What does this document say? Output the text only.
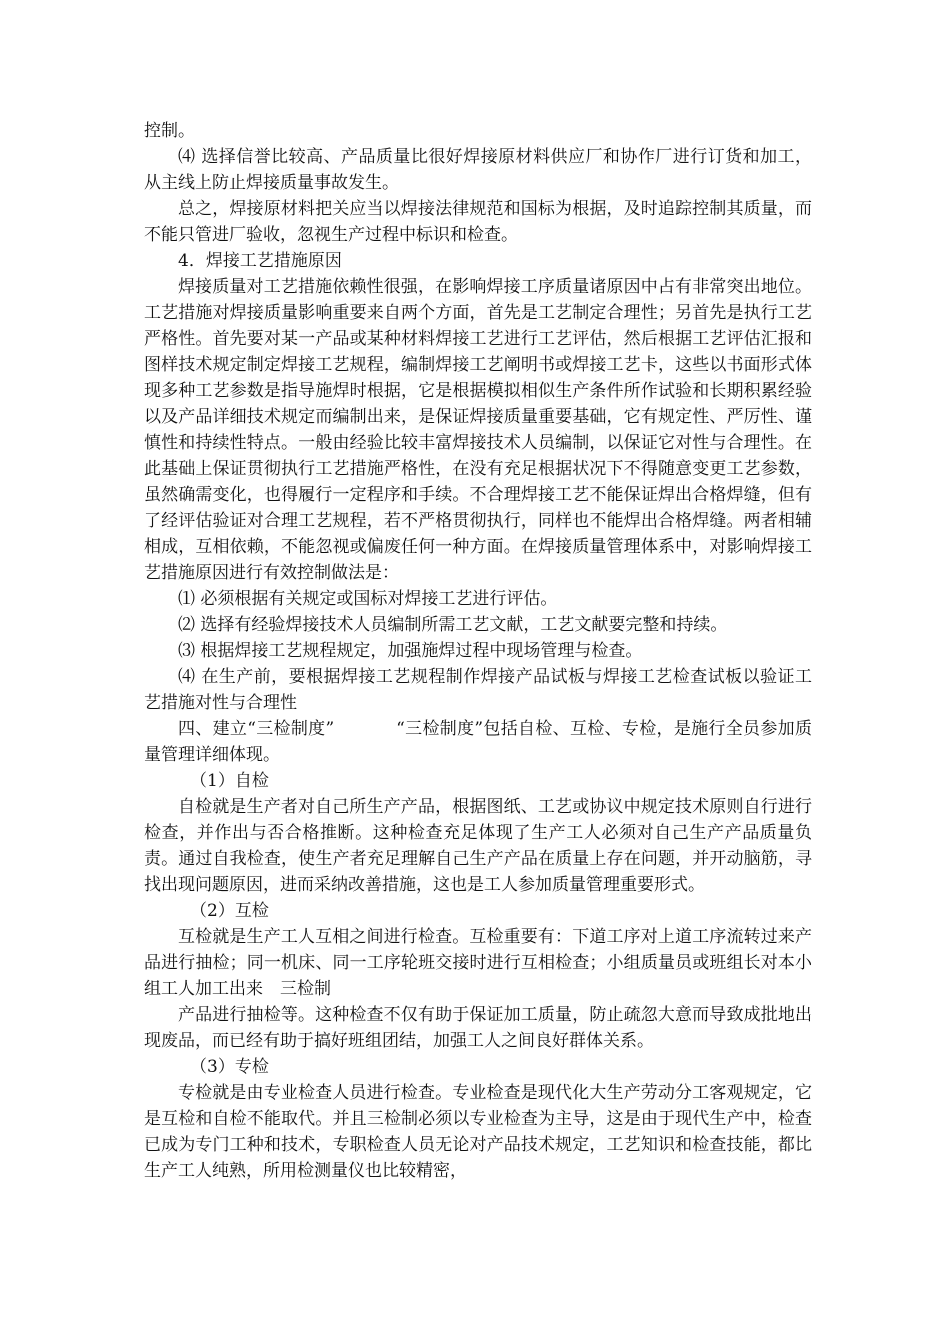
控制。

⑷ 选择信誉比较高、产品质量比很好焊接原材料供应厂和协作厂进行订货和加工，从主线上防止焊接质量事故发生。

总之，焊接原材料把关应当以焊接法律规范和国标为根据，及时追踪控制其质量，而不能只管进厂验收，忽视生产过程中标识和检查。

4．焊接工艺措施原因

焊接质量对工艺措施依赖性很强，在影响焊接工序质量诸原因中占有非常突出地位。工艺措施对焊接质量影响重要来自两个方面，首先是工艺制定合理性；另首先是执行工艺严格性。首先要对某一产品或某种材料焊接工艺进行工艺评估，然后根据工艺评估汇报和图样技术规定制定焊接工艺规程，编制焊接工艺阐明书或焊接工艺卡，这些以书面形式体现多种工艺参数是指导施焊时根据，它是根据模拟相似生产条件所作试验和长期积累经验以及产品详细技术规定而编制出来，是保证焊接质量重要基础，它有规定性、严厉性、谨慎性和持续性特点。一般由经验比较丰富焊接技术人员编制，以保证它对性与合理性。在此基础上保证贯彻执行工艺措施严格性，在没有充足根据状况下不得随意变更工艺参数，虽然确需变化，也得履行一定程序和手续。不合理焊接工艺不能保证焊出合格焊缝，但有了经评估验证对合理工艺规程，若不严格贯彻执行，同样也不能焊出合格焊缝。两者相辅相成，互相依赖，不能忽视或偏废任何一种方面。在焊接质量管理体系中，对影响焊接工艺措施原因进行有效控制做法是：

⑴ 必须根据有关规定或国标对焊接工艺进行评估。

⑵ 选择有经验焊接技术人员编制所需工艺文献，工艺文献要完整和持续。

⑶ 根据焊接工艺规程规定，加强施焊过程中现场管理与检查。

⑷ 在生产前，要根据焊接工艺规程制作焊接产品试板与焊接工艺检查试板以验证工艺措施对性与合理性

四、建立“三检制度”	“三检制度”包括自检、互检、专检，是施行全员参加质量管理详细体现。

（1）自检

自检就是生产者对自己所生产产品，根据图纸、工艺或协议中规定技术原则自行进行检查，并作出与否合格推断。这种检查充足体现了生产工人必须对自己生产产品质量负责。通过自我检查，使生产者充足理解自己生产产品在质量上存在问题，并开动脑筋，寻找出现问题原因，进而采纳改善措施，这也是工人参加质量管理重要形式。

（2）互检

互检就是生产工人互相之间进行检查。互检重要有：下道工序对上道工序流转过来产品进行抽检；同一机床、同一工序轮班交接时进行互相检查；小组质量员或班组长对本小组工人加工出来　三检制

产品进行抽检等。这种检查不仅有助于保证加工质量，防止疏忽大意而导致成批地出现废品，而已经有助于搞好班组团结，加强工人之间良好群体关系。

（3）专检

专检就是由专业检查人员进行检查。专业检查是现代化大生产劳动分工客观规定，它是互检和自检不能取代。并且三检制必须以专业检查为主导，这是由于现代生产中，检查已成为专门工种和技术，专职检查人员无论对产品技术规定，工艺知识和检查技能，都比生产工人纯熟，所用检测量仪也比较精密，
